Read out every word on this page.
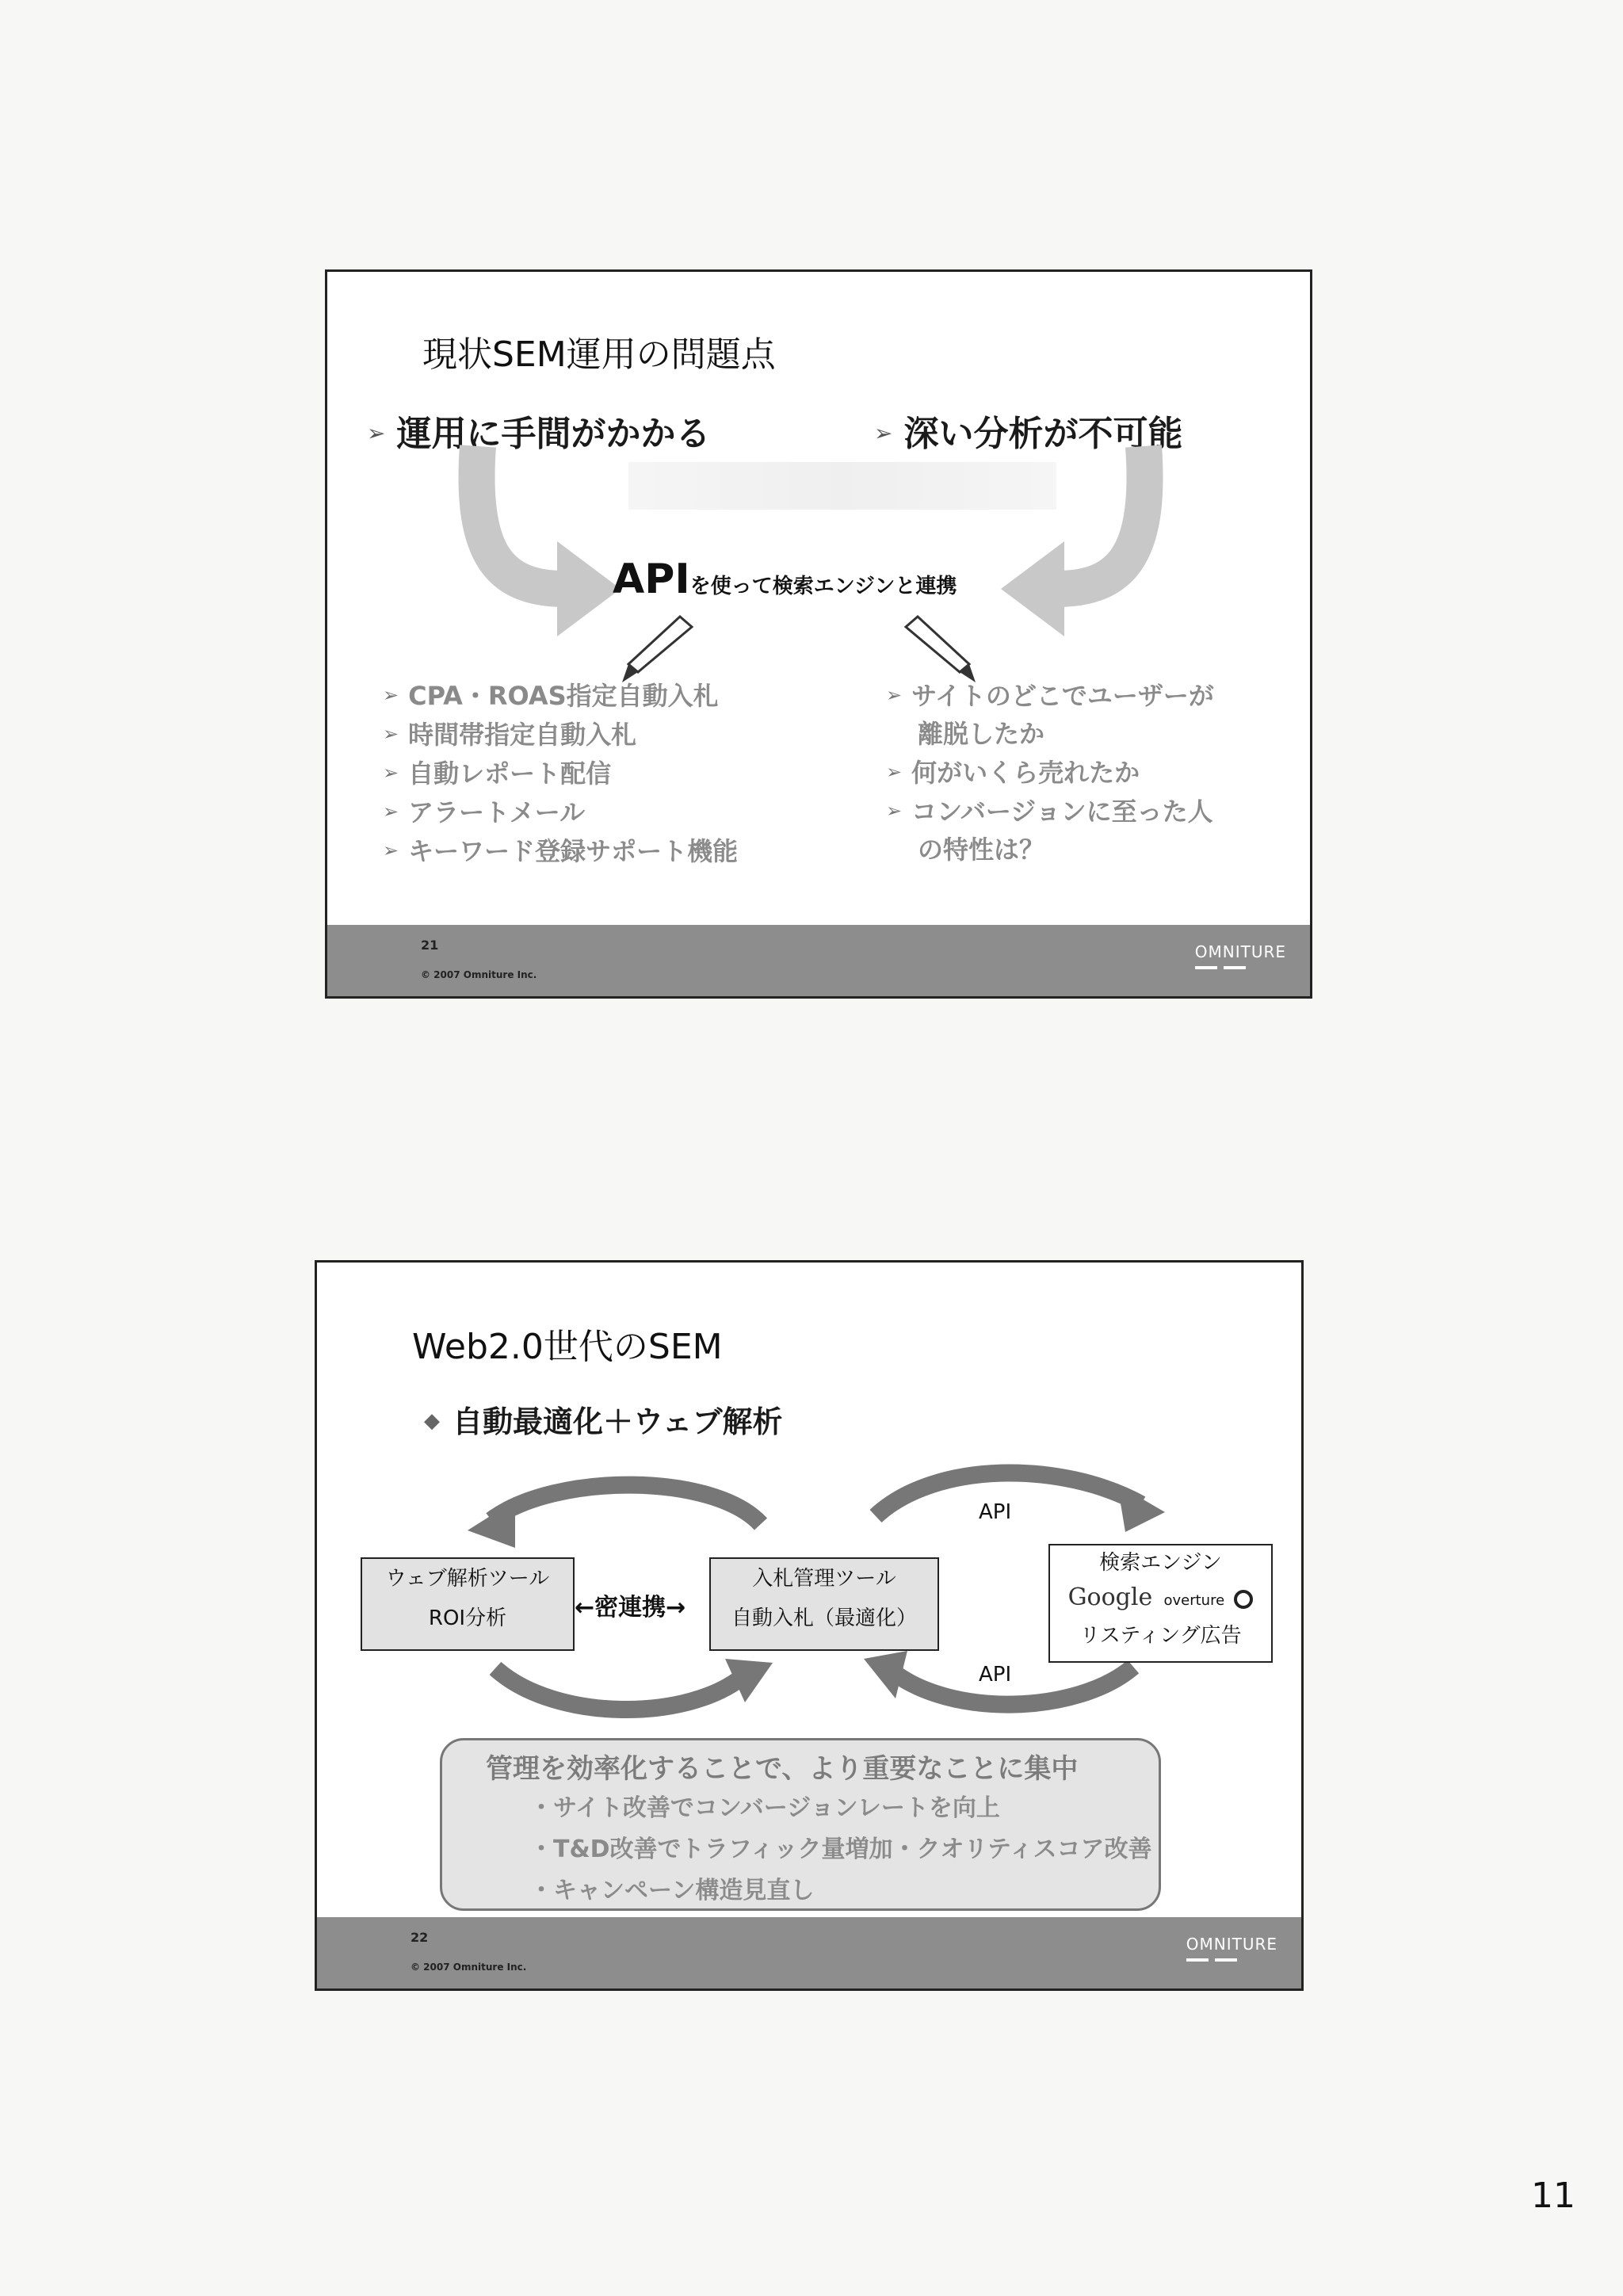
現状SEM運用の問題点
➢ 運用に手間がかかる	➢ 深い分析が不可能
APIを使って検索エンジンと連携
➢ CPA・ROAS指定自動入札
➢ 時間帯指定自動入札
➢ 自動レポート配信
➢ アラートメール
➢ キーワード登録サポート機能
➢ サイトのどこでユーザーが
離脱したか
➢ 何がいくら売れたか
➢ コンバージョンに至った人
の特性は？
21
© 2007 Omniture Inc.
OMNITURE
Web2.0世代のSEM
◆ 自動最適化＋ウェブ解析
API
API
ウェブ解析ツール
ROI分析	←密連携→
入札管理ツール
自動入札（最適化）
検索エンジン
Google overture
リスティング広告
管理を効率化することで、より重要なことに集中
・サイト改善でコンバージョンレートを向上
・T&D改善でトラフィック量増加・クオリティスコア改善
・キャンペーン構造見直し
22
© 2007 Omniture Inc.
OMNITURE
11
